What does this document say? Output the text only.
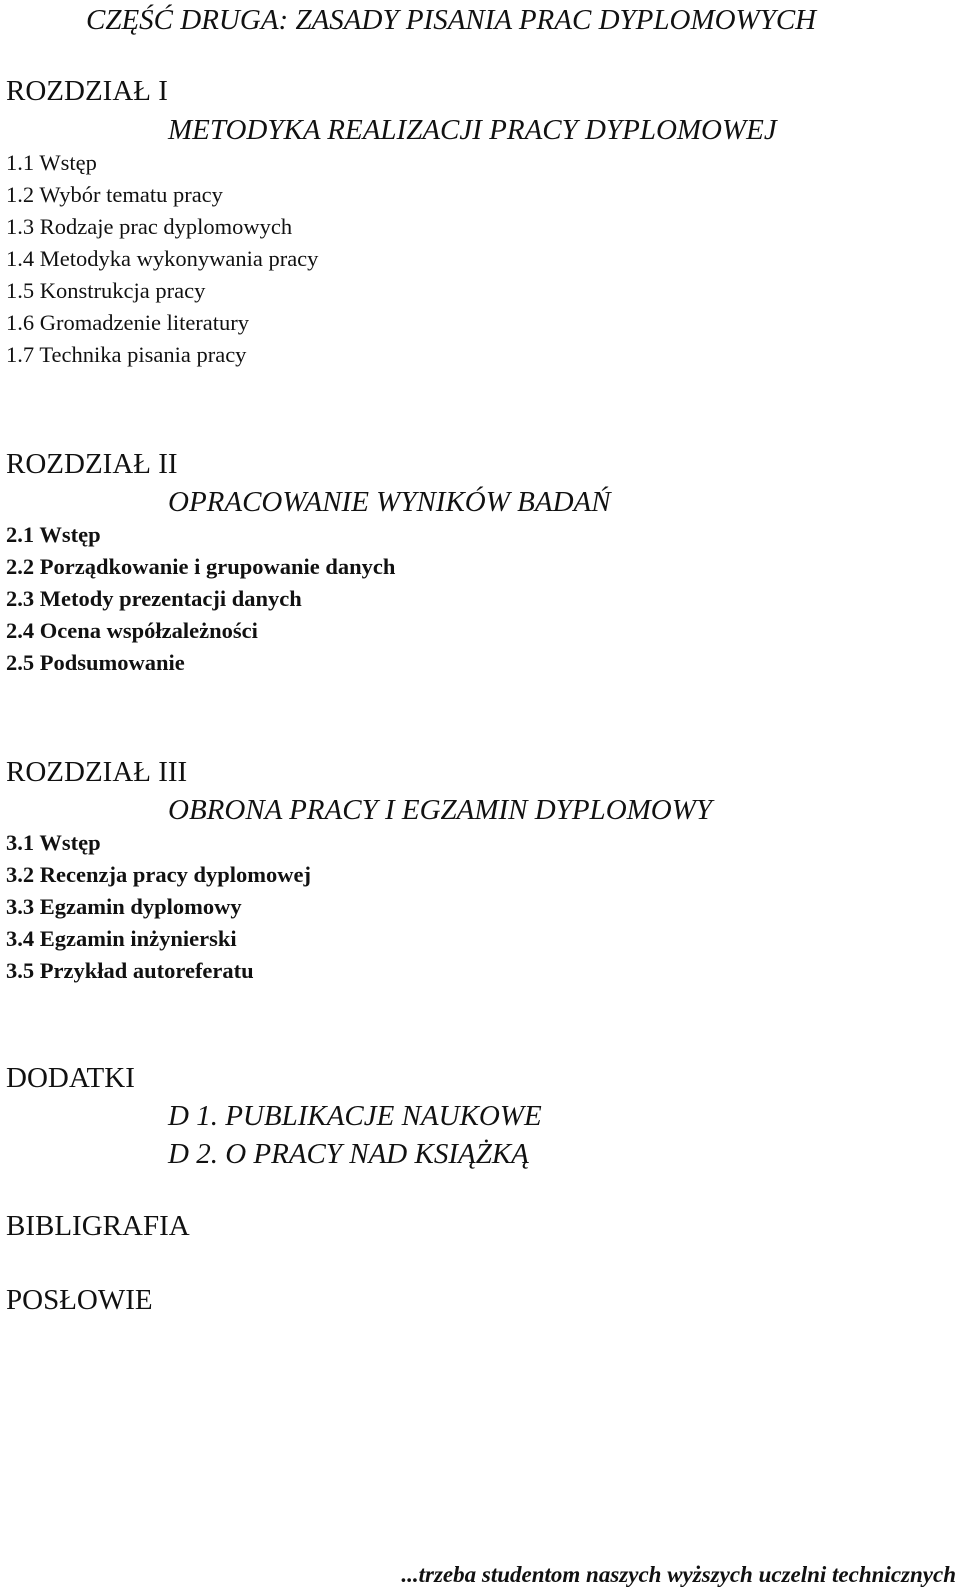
CZĘŚĆ DRUGA: ZASADY PISANIA PRAC DYPLOMOWYCH
ROZDZIAŁ I
METODYKA REALIZACJI PRACY DYPLOMOWEJ
1.1 Wstęp
1.2 Wybór tematu pracy
1.3 Rodzaje prac dyplomowych
1.4 Metodyka wykonywania pracy
1.5 Konstrukcja pracy
1.6 Gromadzenie literatury
1.7 Technika pisania pracy
ROZDZIAŁ II
OPRACOWANIE WYNIKÓW BADAŃ
2.1 Wstęp
2.2 Porządkowanie i grupowanie danych
2.3 Metody prezentacji danych
2.4 Ocena współzależności
2.5 Podsumowanie
ROZDZIAŁ III
OBRONA PRACY I EGZAMIN DYPLOMOWY
3.1 Wstęp
3.2 Recenzja pracy dyplomowej
3.3 Egzamin dyplomowy
3.4 Egzamin inżynierski
3.5 Przykład autoreferatu
DODATKI
D 1. PUBLIKACJE NAUKOWE
D 2. O PRACY NAD KSIĄŻKĄ
BIBLIGRAFIA
POSŁOWIE
...trzeba studentom naszych wyższych uczelni technicznych
